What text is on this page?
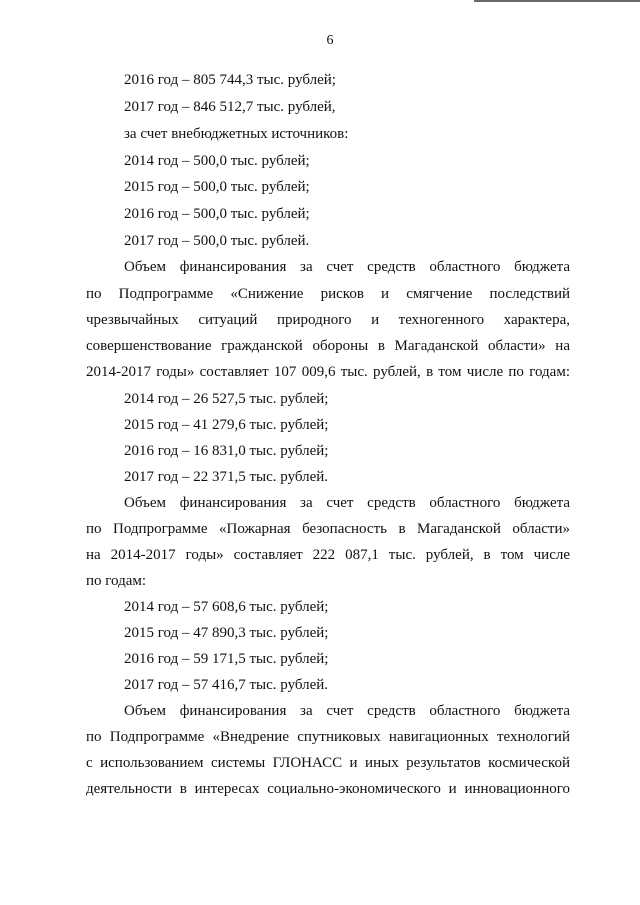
6
2016 год – 805 744,3 тыс. рублей;
2017 год – 846 512,7 тыс. рублей,
за счет внебюджетных источников:
2014 год – 500,0 тыс. рублей;
2015 год – 500,0 тыс. рублей;
2016 год – 500,0 тыс. рублей;
2017 год – 500,0 тыс. рублей.
Объем финансирования за счет средств областного бюджета
по Подпрограмме «Снижение рисков и смягчение последствий
чрезвычайных ситуаций природного и техногенного характера,
совершенствование гражданской обороны в Магаданской области» на
2014-2017 годы» составляет 107 009,6 тыс. рублей, в том числе по годам:
2014 год – 26 527,5 тыс. рублей;
2015 год – 41 279,6 тыс. рублей;
2016 год – 16 831,0 тыс. рублей;
2017 год – 22 371,5 тыс. рублей.
Объем финансирования за счет средств областного бюджета
по Подпрограмме «Пожарная безопасность в Магаданской области»
на 2014-2017 годы» составляет 222 087,1 тыс. рублей, в том числе
по годам:
2014 год – 57 608,6 тыс. рублей;
2015 год – 47 890,3 тыс. рублей;
2016 год – 59 171,5 тыс. рублей;
2017 год – 57 416,7 тыс. рублей.
Объем финансирования за счет средств областного бюджета
по Подпрограмме «Внедрение спутниковых навигационных технологий
с использованием системы ГЛОНАСС и иных результатов космической
деятельности в интересах социально-экономического и инновационного
